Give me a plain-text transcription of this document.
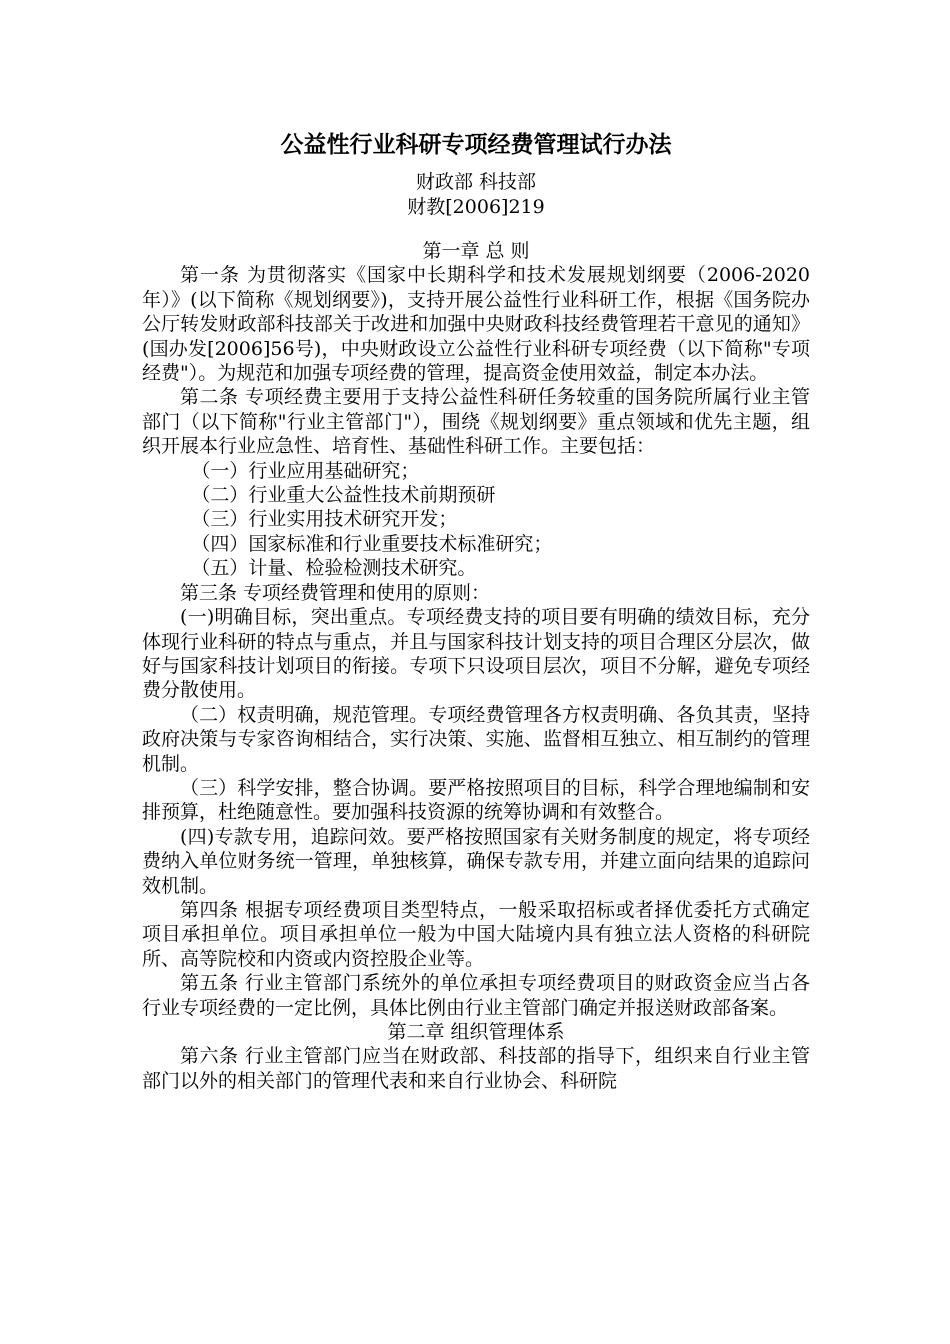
公益性行业科研专项经费管理试行办法

财政部 科技部

财教[2006]219

第一章 总 则

第一条 为贯彻落实《国家中长期科学和技术发展规划纲要（2006-2020年）》(以下简称《规划纲要》)，支持开展公益性行业科研工作，根据《国务院办公厅转发财政部科技部关于改进和加强中央财政科技经费管理若干意见的通知》(国办发[2006]56号)，中央财政设立公益性行业科研专项经费（以下简称"专项经费"）。为规范和加强专项经费的管理，提高资金使用效益，制定本办法。

第二条 专项经费主要用于支持公益性科研任务较重的国务院所属行业主管部门（以下简称"行业主管部门"），围绕《规划纲要》重点领域和优先主题，组织开展本行业应急性、培育性、基础性科研工作。主要包括：

（一）行业应用基础研究；

（二）行业重大公益性技术前期预研

（三）行业实用技术研究开发；

（四）国家标准和行业重要技术标准研究；

（五）计量、检验检测技术研究。

第三条 专项经费管理和使用的原则：

(一)明确目标，突出重点。专项经费支持的项目要有明确的绩效目标，充分体现行业科研的特点与重点，并且与国家科技计划支持的项目合理区分层次，做好与国家科技计划项目的衔接。专项下只设项目层次，项目不分解，避免专项经费分散使用。

（二）权责明确，规范管理。专项经费管理各方权责明确、各负其责，坚持政府决策与专家咨询相结合，实行决策、实施、监督相互独立、相互制约的管理机制。

（三）科学安排，整合协调。要严格按照项目的目标，科学合理地编制和安排预算，杜绝随意性。要加强科技资源的统筹协调和有效整合。

(四)专款专用，追踪问效。要严格按照国家有关财务制度的规定，将专项经费纳入单位财务统一管理，单独核算，确保专款专用，并建立面向结果的追踪问效机制。

第四条 根据专项经费项目类型特点，一般采取招标或者择优委托方式确定项目承担单位。项目承担单位一般为中国大陆境内具有独立法人资格的科研院所、高等院校和内资或内资控股企业等。

第五条 行业主管部门系统外的单位承担专项经费项目的财政资金应当占各行业专项经费的一定比例，具体比例由行业主管部门确定并报送财政部备案。

第二章 组织管理体系

第六条 行业主管部门应当在财政部、科技部的指导下，组织来自行业主管部门以外的相关部门的管理代表和来自行业协会、科研院
